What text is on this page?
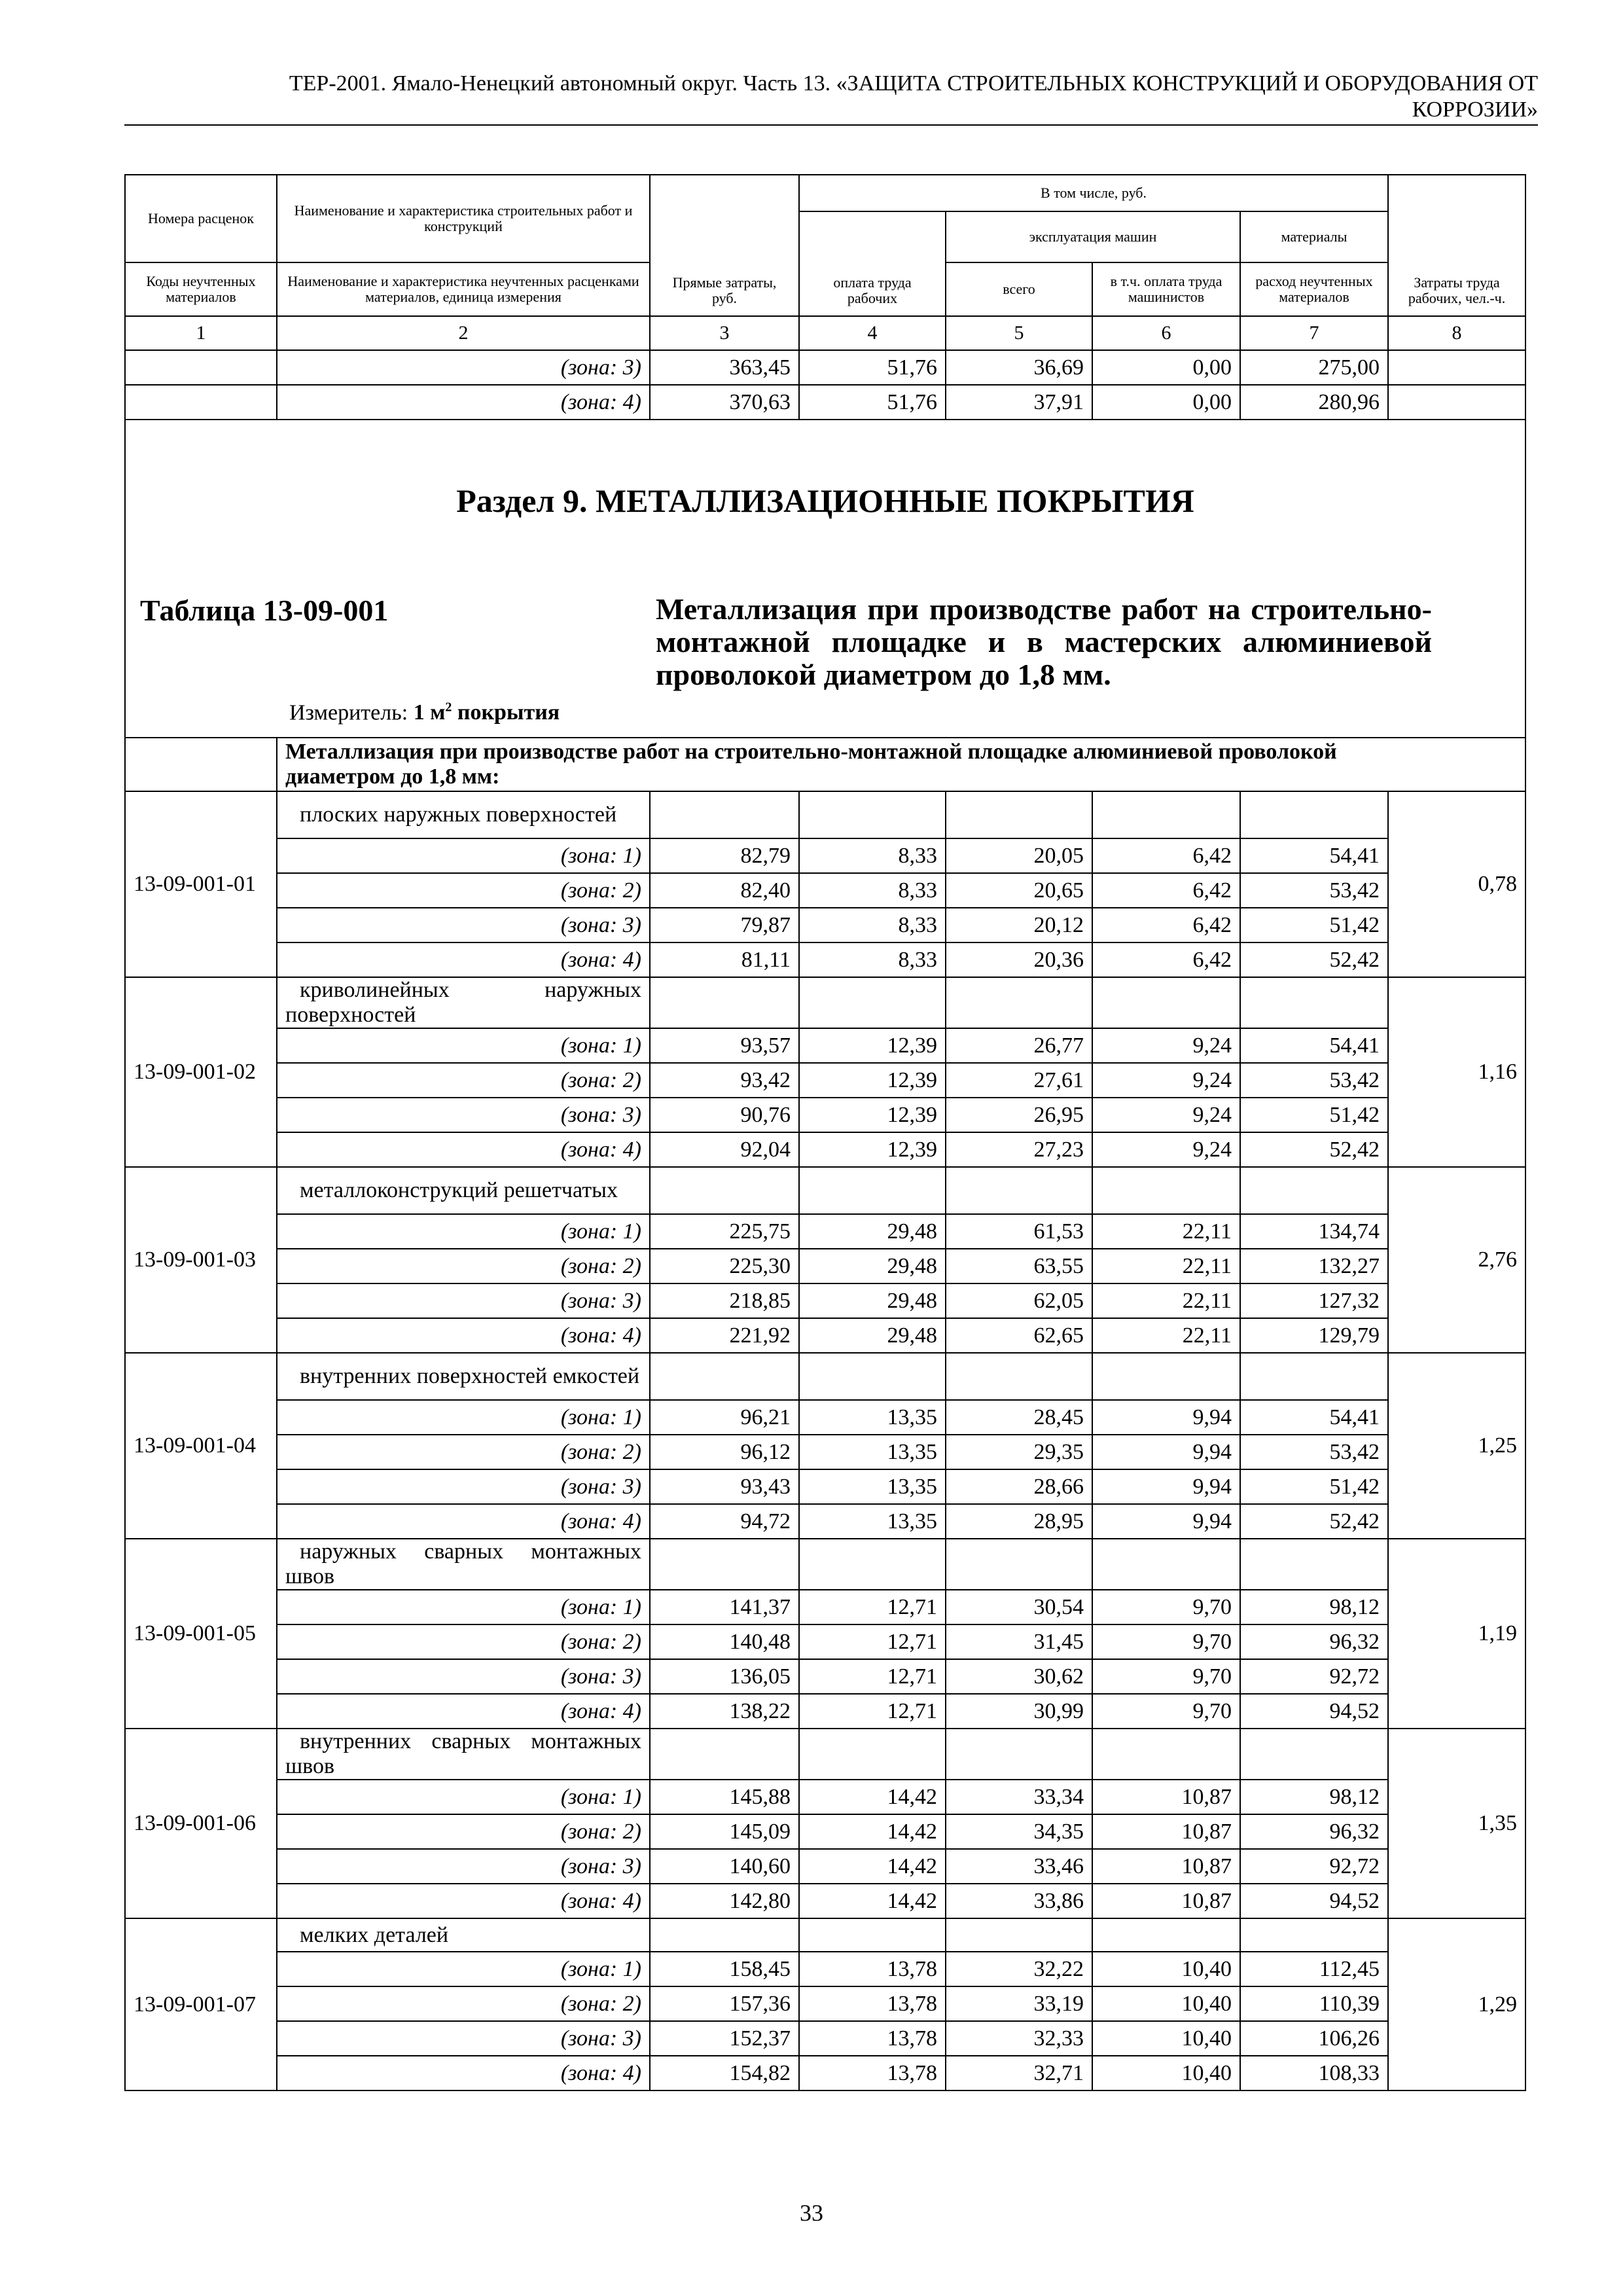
ТЕР-2001. Ямало-Ненецкий автономный округ. Часть 13. «ЗАЩИТА СТРОИТЕЛЬНЫХ КОНСТРУКЦИЙ И ОБОРУДОВАНИЯ ОТ
КОРРОЗИИ»
Номера расценок	Наименование и характеристика строительных работ и конструкций	Прямые затраты, руб.	В том числе, руб.				Затраты труда рабочих, чел.-ч.
			оплата труда рабочих	эксплуатация машин		материалы	
Коды неучтенных материалов	Наименование и характеристика неучтенных расценками материалов, единица измерения			всего	в т.ч. оплата труда машинистов	расход неучтенных материалов	
1	2	3	4	5	6	7	8
	(зона: 3)	363,45	51,76	36,69	0,00	275,00	
	(зона: 4)	370,63	51,76	37,91	0,00	280,96	

Раздел 9. МЕТАЛЛИЗАЦИОННЫЕ ПОКРЫТИЯ
Таблица 13-09-001 Металлизация при производстве работ на строительно-монтажной площадке и в мастерских алюминиевой проволокой диаметром до 1,8 мм.
Измеритель: 1 $м^2$ покрытия							

	Металлизация при производстве работ на строительно-монтажной площадке алюминиевой проволокой диаметром до 1,8 мм:						
13-09-001-01	плоских наружных поверхностей						0,78
	(зона: 1)	82,79	8,33	20,05	6,42	54,41	
	(зона: 2)	82,40	8,33	20,65	6,42	53,42	
	(зона: 3)	79,87	8,33	20,12	6,42	51,42	
	(зона: 4)	81,11	8,33	20,36	6,42	52,42	
13-09-001-02	криволинейных наружных поверхностей						1,16
	(зона: 1)	93,57	12,39	26,77	9,24	54,41	
	(зона: 2)	93,42	12,39	27,61	9,24	53,42	
	(зона: 3)	90,76	12,39	26,95	9,24	51,42	
	(зона: 4)	92,04	12,39	27,23	9,24	52,42	
13-09-001-03	металлоконструкций решетчатых						2,76
	(зона: 1)	225,75	29,48	61,53	22,11	134,74	
	(зона: 2)	225,30	29,48	63,55	22,11	132,27	
	(зона: 3)	218,85	29,48	62,05	22,11	127,32	
	(зона: 4)	221,92	29,48	62,65	22,11	129,79	
13-09-001-04	внутренних поверхностей емкостей						1,25
	(зона: 1)	96,21	13,35	28,45	9,94	54,41	
	(зона: 2)	96,12	13,35	29,35	9,94	53,42	
	(зона: 3)	93,43	13,35	28,66	9,94	51,42	
	(зона: 4)	94,72	13,35	28,95	9,94	52,42	
13-09-001-05	наружных сварных монтажных швов						1,19
	(зона: 1)	141,37	12,71	30,54	9,70	98,12	
	(зона: 2)	140,48	12,71	31,45	9,70	96,32	
	(зона: 3)	136,05	12,71	30,62	9,70	92,72	
	(зона: 4)	138,22	12,71	30,99	9,70	94,52	
13-09-001-06	внутренних сварных монтажных швов						1,35
	(зона: 1)	145,88	14,42	33,34	10,87	98,12	
	(зона: 2)	145,09	14,42	34,35	10,87	96,32	
	(зона: 3)	140,60	14,42	33,46	10,87	92,72	
	(зона: 4)	142,80	14,42	33,86	10,87	94,52	
13-09-001-07	мелких деталей						1,29
	(зона: 1)	158,45	13,78	32,22	10,40	112,45	
	(зона: 2)	157,36	13,78	33,19	10,40	110,39	
	(зона: 3)	152,37	13,78	32,33	10,40	106,26	
	(зона: 4)	154,82	13,78	32,71	10,40	108,33	
33
